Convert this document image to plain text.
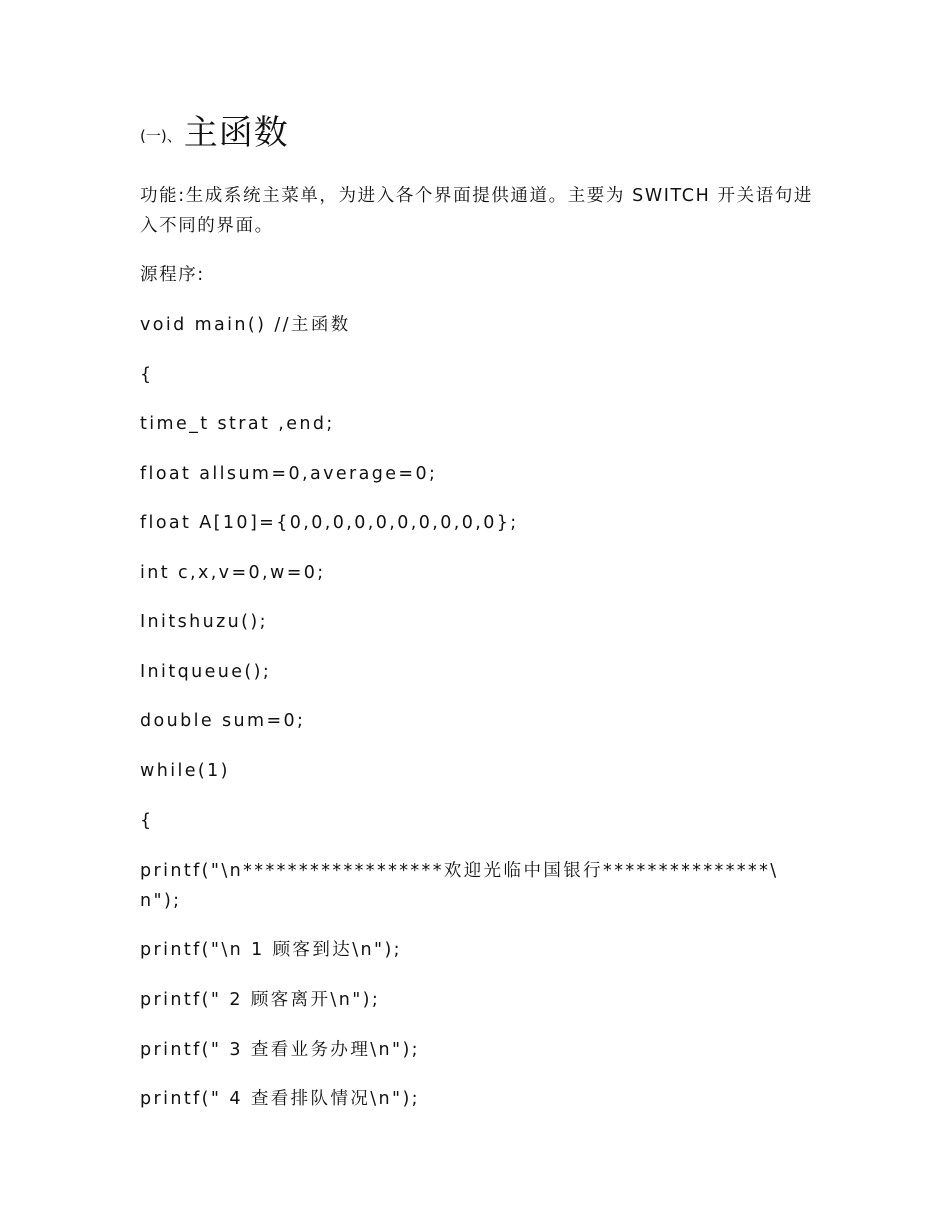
(一)、主函数
功能:生成系统主菜单，为进入各个界面提供通道。主要为 SWITCH 开关语句进
入不同的界面。
源程序:
void main() //主函数
{
time_t strat ,end;
float allsum=0,average=0;
float A[10]={0,0,0,0,0,0,0,0,0,0};
int c,x,v=0,w=0;
Initshuzu();
Initqueue();
double sum=0;
while(1)
{
printf("\n******************欢迎光临中国银行***************\
n");
printf("\n 1 顾客到达\n");
printf(" 2 顾客离开\n");
printf(" 3 查看业务办理\n");
printf(" 4 查看排队情况\n");
